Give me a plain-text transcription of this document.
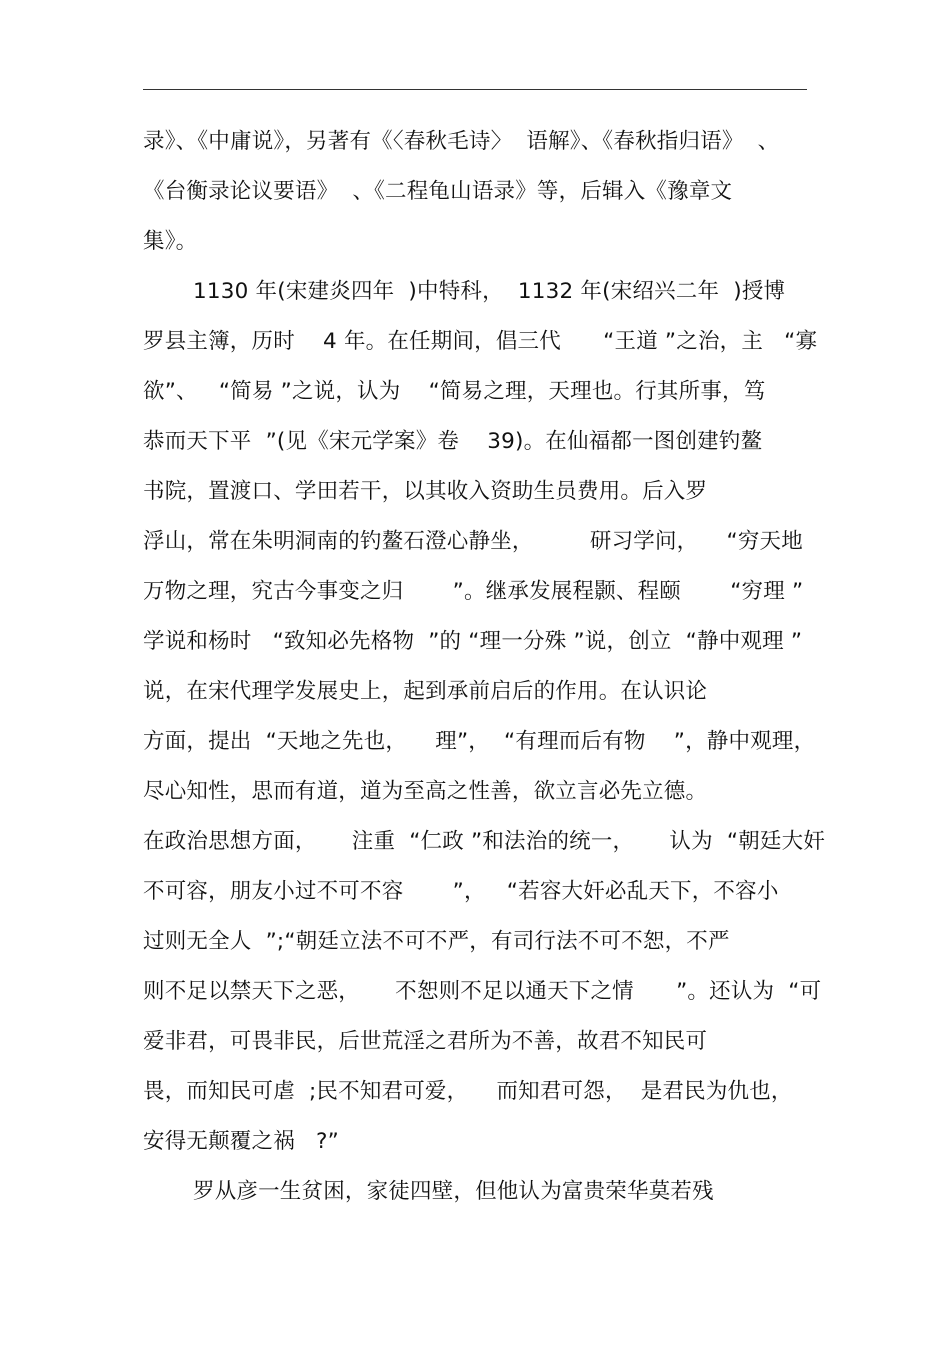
录》、《中庸说》，另著有《〈春秋毛诗〉  语解》、《春秋指归语》  、
《台衡录论议要语》  、《二程龟山语录》等，后辑入《豫章文
集》。
1130 年(宋建炎四年  )中特科，  1132 年(宋绍兴二年  )授博
罗县主簿，历时    4 年。在任期间，倡三代      “王道 ”之治，主   “寡
欲”、   “简易 ”之说，认为    “简易之理，天理也。行其所事，笃
恭而天下平  ”(见《宋元学案》卷    39)。在仙福都一图创建钓鳌
书院，置渡口、学田若干，以其收入资助生员费用。后入罗
浮山，常在朱明洞南的钓鳌石澄心静坐，        研习学问，    “穷天地
万物之理，究古今事变之归       ”。继承发展程颢、程颐       “穷理 ”
学说和杨时   “致知必先格物  ”的 “理一分殊 ”说，创立  “静中观理 ”
说，在宋代理学发展史上，起到承前启后的作用。在认识论
方面，提出  “天地之先也，    理”，  “有理而后有物    ”，静中观理，
尽心知性，思而有道，道为至高之性善，欲立言必先立德。
在政治思想方面，     注重  “仁政 ”和法治的统一，     认为  “朝廷大奸
不可容，朋友小过不可不容       ”，   “若容大奸必乱天下，不容小
过则无全人  ”;“朝廷立法不可不严，有司行法不可不恕，不严
则不足以禁天下之恶，     不恕则不足以通天下之情      ”。还认为  “可
爱非君，可畏非民，后世荒淫之君所为不善，故君不知民可
畏，而知民可虐  ;民不知君可爱，    而知君可怨，  是君民为仇也，
安得无颠覆之祸   ?”
罗从彦一生贫困，家徒四壁，但他认为富贵荣华莫若残
